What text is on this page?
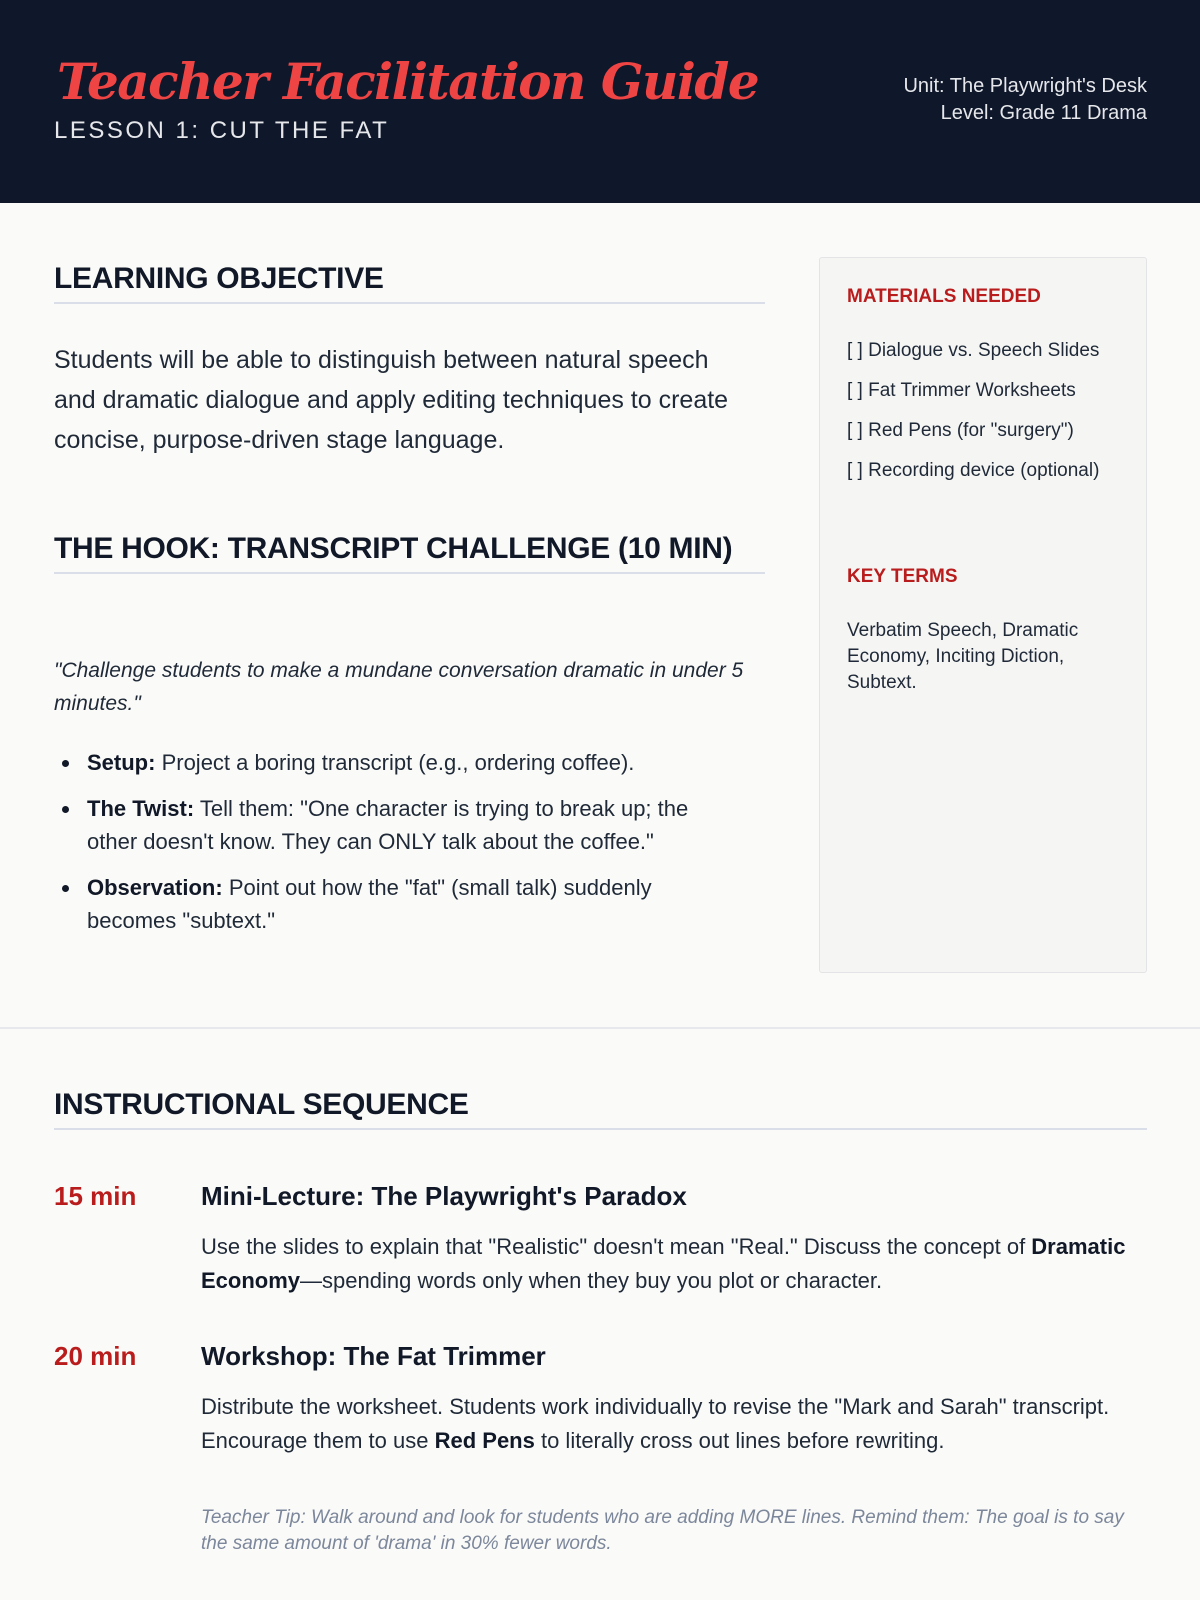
Teacher Facilitation Guide
LESSON 1: CUT THE FAT
Unit: The Playwright's Desk
Level: Grade 11 Drama
LEARNING OBJECTIVE

Students will be able to distinguish between natural speech and dramatic dialogue and apply editing techniques to create concise, purpose-driven stage language.

THE HOOK: TRANSCRIPT CHALLENGE (10 MIN)

"Challenge students to make a mundane conversation dramatic in under 5 minutes."

Setup: Project a boring transcript (e.g., ordering coffee).
The Twist: Tell them: "One character is trying to break up; the other doesn't know. They can ONLY talk about the coffee."
Observation: Point out how the "fat" (small talk) suddenly becomes "subtext."
MATERIALS NEEDED
[ ] Dialogue vs. Speech Slides
[ ] Fat Trimmer Worksheets
[ ] Red Pens (for "surgery")
[ ] Recording device (optional)
KEY TERMS

Verbatim Speech, Dramatic Economy, Inciting Diction, Subtext.

INSTRUCTIONAL SEQUENCE
15 min Mini-Lecture: The Playwright's Paradox

Use the slides to explain that "Realistic" doesn't mean "Real." Discuss the concept of Dramatic Economy—spending words only when they buy you plot or character.

20 min Workshop: The Fat Trimmer

Distribute the worksheet. Students work individually to revise the "Mark and Sarah" transcript. Encourage them to use Red Pens to literally cross out lines before rewriting.

Teacher Tip: Walk around and look for students who are adding MORE lines. Remind them: The goal is to say the same amount of 'drama' in 30% fewer words.
